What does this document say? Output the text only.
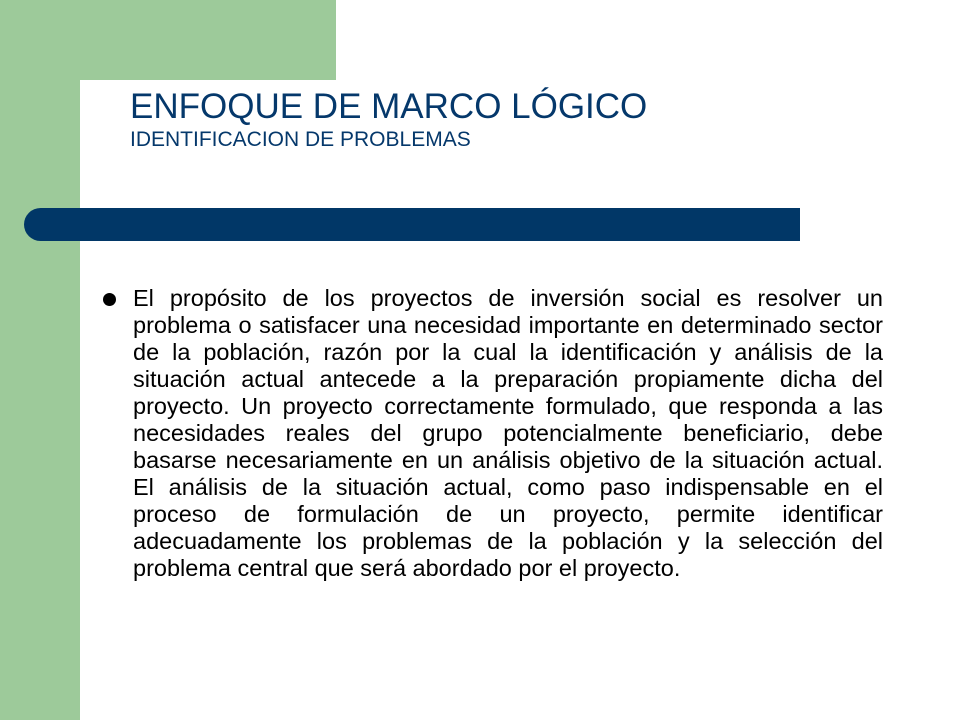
ENFOQUE DE MARCO LÓGICO
IDENTIFICACION DE PROBLEMAS

El propósito de los proyectos de inversión social es resolver un problema o satisfacer una necesidad importante en determinado sector de la población, razón por la cual la identificación y análisis de la situación actual antecede a la preparación propiamente dicha del proyecto. Un proyecto correctamente formulado, que responda a las necesidades reales del grupo potencialmente beneficiario, debe basarse necesariamente en un análisis objetivo de la situación actual. El análisis de la situación actual, como paso indispensable en el proceso de formulación de un proyecto, permite identificar adecuadamente los problemas de la población y la selección del problema central que será abordado por el proyecto.
